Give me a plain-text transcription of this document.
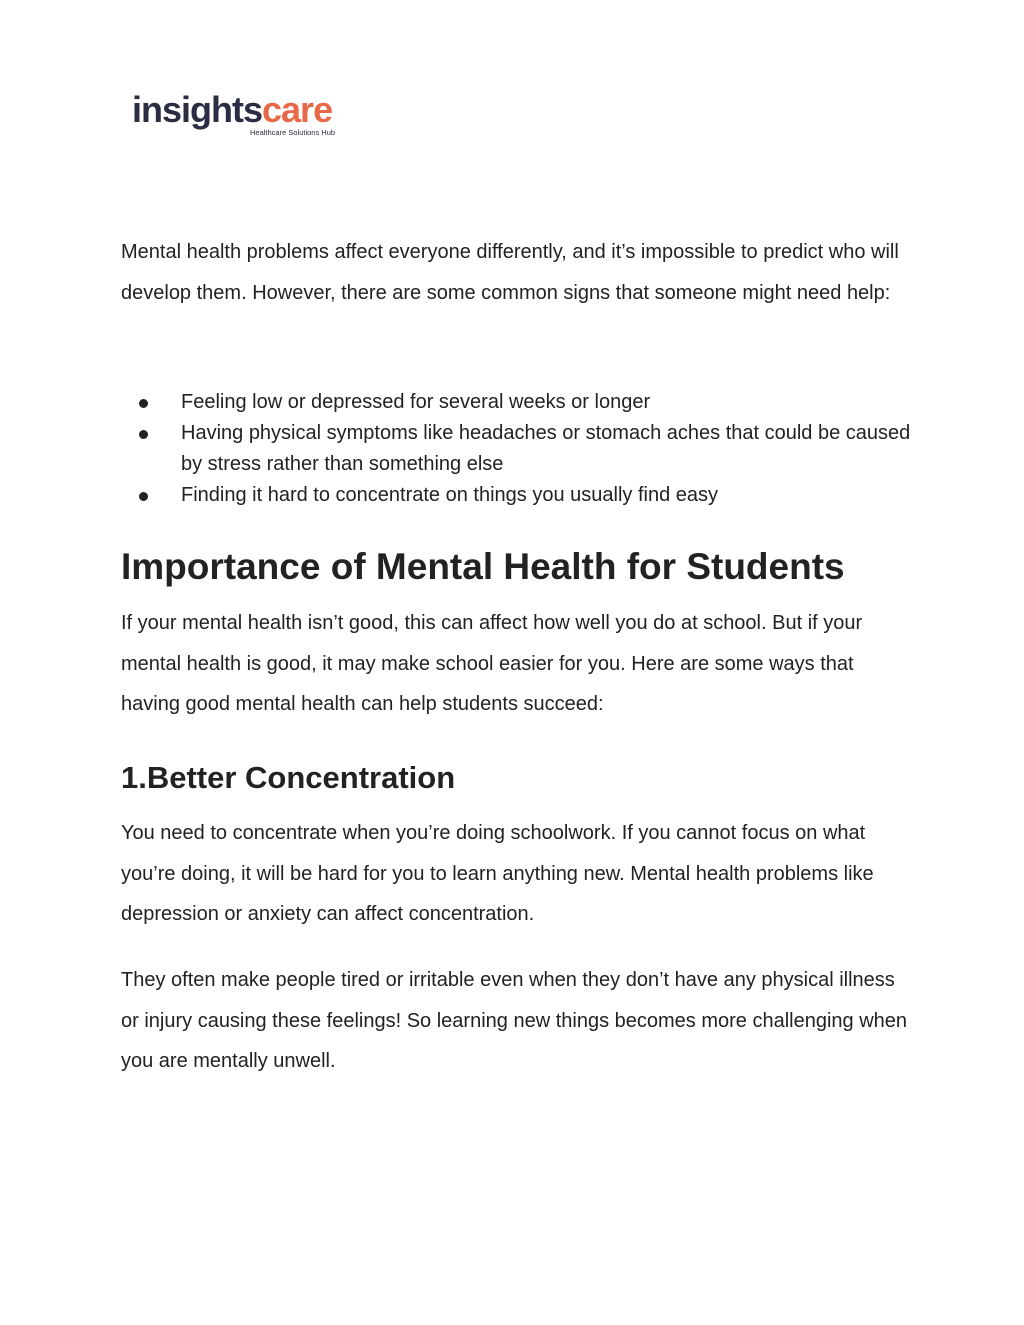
insightscare
Healthcare Solutions Hub

Mental health problems affect everyone differently, and it’s impossible to predict who will develop them. However, there are some common signs that someone might need help:

Feeling low or depressed for several weeks or longer
Having physical symptoms like headaches or stomach aches that could be caused by stress rather than something else
Finding it hard to concentrate on things you usually find easy
Importance of Mental Health for Students

If your mental health isn’t good, this can affect how well you do at school. But if your mental health is good, it may make school easier for you. Here are some ways that having good mental health can help students succeed:

1.Better Concentration

You need to concentrate when you’re doing schoolwork. If you cannot focus on what you’re doing, it will be hard for you to learn anything new. Mental health problems like depression or anxiety can affect concentration.

They often make people tired or irritable even when they don’t have any physical illness or injury causing these feelings! So learning new things becomes more challenging when you are mentally unwell.
